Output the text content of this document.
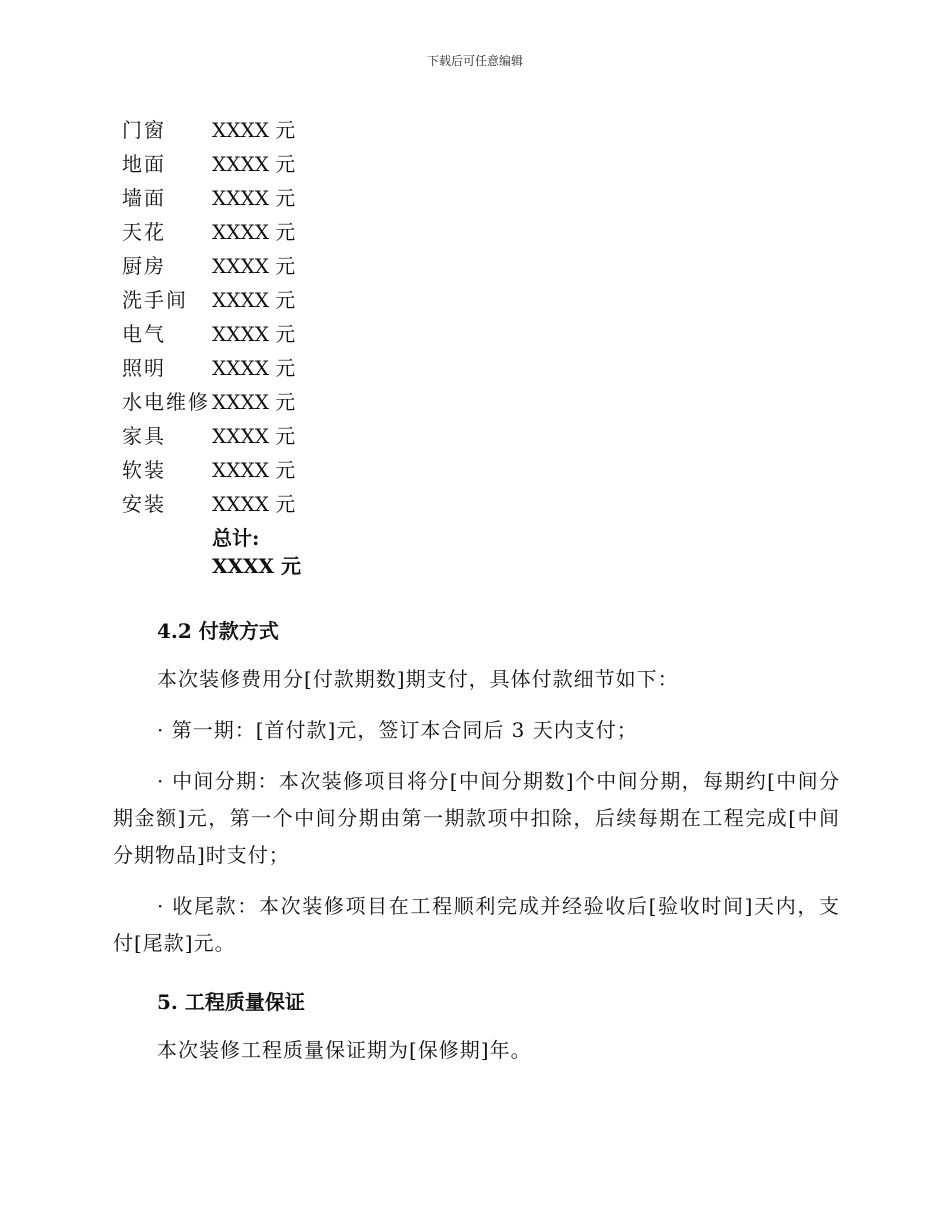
下载后可任意编辑
门窗	XXXX 元
地面	XXXX 元
墙面	XXXX 元
天花	XXXX 元
厨房	XXXX 元
洗手间	XXXX 元
电气	XXXX 元
照明	XXXX 元
水电维修	XXXX 元
家具	XXXX 元
软装	XXXX 元
安装	XXXX 元

	总计:
XXXX 元

4.2 付款方式

本次装修费用分[付款期数]期支付，具体付款细节如下：

· 第一期：[首付款]元，签订本合同后 3 天内支付；

· 中间分期：本次装修项目将分[中间分期数]个中间分期，每期约[中间分期金额]元，第一个中间分期由第一期款项中扣除，后续每期在工程完成[中间分期物品]时支付；

· 收尾款：本次装修项目在工程顺利完成并经验收后[验收时间]天内，支付[尾款]元。

5. 工程质量保证

本次装修工程质量保证期为[保修期]年。
